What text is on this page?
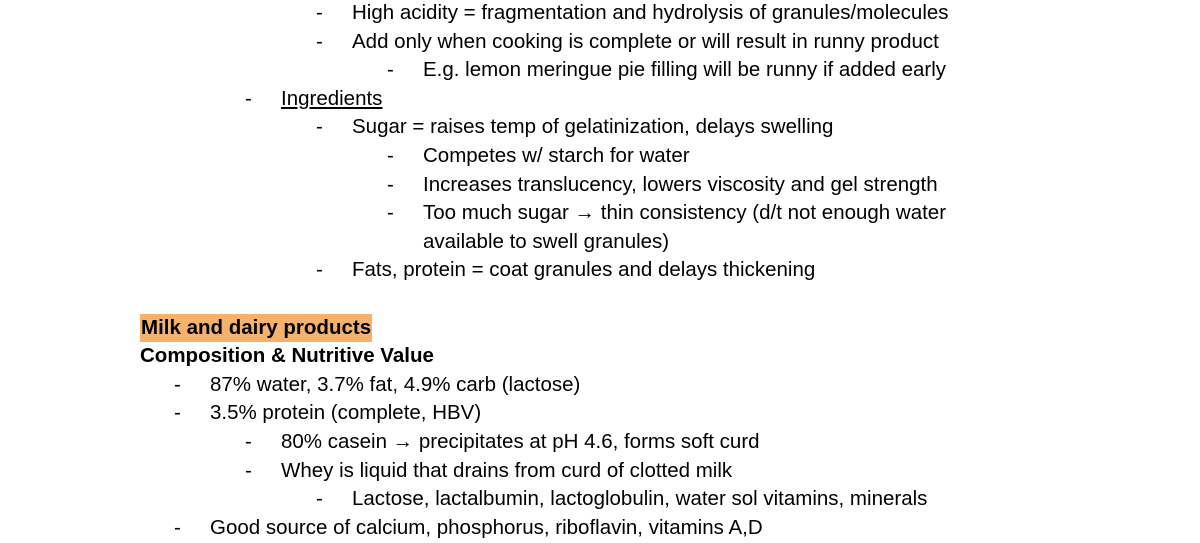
- High acidity = fragmentation and hydrolysis of granules/molecules
- Add only when cooking is complete or will result in runny product
- E.g. lemon meringue pie filling will be runny if added early
- Ingredients
- Sugar = raises temp of gelatinization, delays swelling
- Competes w/ starch for water
- Increases translucency, lowers viscosity and gel strength
- Too much sugar → thin consistency (d/t not enough water
available to swell granules)
- Fats, protein = coat granules and delays thickening
Milk and dairy products
Composition & Nutritive Value
- 87% water, 3.7% fat, 4.9% carb (lactose)
- 3.5% protein (complete, HBV)
- 80% casein → precipitates at pH 4.6, forms soft curd
- Whey is liquid that drains from curd of clotted milk
- Lactose, lactalbumin, lactoglobulin, water sol vitamins, minerals
- Good source of calcium, phosphorus, riboflavin, vitamins A,D
